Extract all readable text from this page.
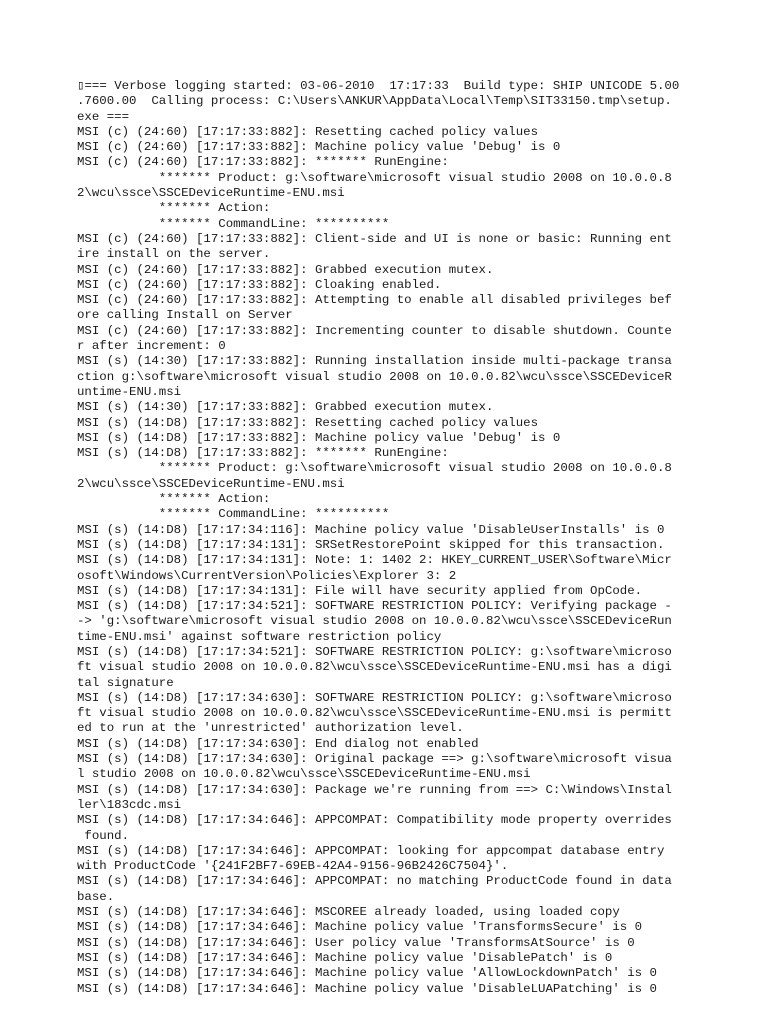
▯=== Verbose logging started: 03-06-2010  17:17:33  Build type: SHIP UNICODE 5.00
.7600.00  Calling process: C:\Users\ANKUR\AppData\Local\Temp\SIT33150.tmp\setup.
exe ===
MSI (c) (24:60) [17:17:33:882]: Resetting cached policy values
MSI (c) (24:60) [17:17:33:882]: Machine policy value 'Debug' is 0
MSI (c) (24:60) [17:17:33:882]: ******* RunEngine:
******* Product: g:\software\microsoft visual studio 2008 on 10.0.0.8
2\wcu\ssce\SSCEDeviceRuntime-ENU.msi
******* Action:
******* CommandLine: **********
MSI (c) (24:60) [17:17:33:882]: Client-side and UI is none or basic: Running ent
ire install on the server.
MSI (c) (24:60) [17:17:33:882]: Grabbed execution mutex.
MSI (c) (24:60) [17:17:33:882]: Cloaking enabled.
MSI (c) (24:60) [17:17:33:882]: Attempting to enable all disabled privileges bef
ore calling Install on Server
MSI (c) (24:60) [17:17:33:882]: Incrementing counter to disable shutdown. Counte
r after increment: 0
MSI (s) (14:30) [17:17:33:882]: Running installation inside multi-package transa
ction g:\software\microsoft visual studio 2008 on 10.0.0.82\wcu\ssce\SSCEDeviceR
untime-ENU.msi
MSI (s) (14:30) [17:17:33:882]: Grabbed execution mutex.
MSI (s) (14:D8) [17:17:33:882]: Resetting cached policy values
MSI (s) (14:D8) [17:17:33:882]: Machine policy value 'Debug' is 0
MSI (s) (14:D8) [17:17:33:882]: ******* RunEngine:
******* Product: g:\software\microsoft visual studio 2008 on 10.0.0.8
2\wcu\ssce\SSCEDeviceRuntime-ENU.msi
******* Action:
******* CommandLine: **********
MSI (s) (14:D8) [17:17:34:116]: Machine policy value 'DisableUserInstalls' is 0
MSI (s) (14:D8) [17:17:34:131]: SRSetRestorePoint skipped for this transaction.
MSI (s) (14:D8) [17:17:34:131]: Note: 1: 1402 2: HKEY_CURRENT_USER\Software\Micr
osoft\Windows\CurrentVersion\Policies\Explorer 3: 2
MSI (s) (14:D8) [17:17:34:131]: File will have security applied from OpCode.
MSI (s) (14:D8) [17:17:34:521]: SOFTWARE RESTRICTION POLICY: Verifying package -
-> 'g:\software\microsoft visual studio 2008 on 10.0.0.82\wcu\ssce\SSCEDeviceRun
time-ENU.msi' against software restriction policy
MSI (s) (14:D8) [17:17:34:521]: SOFTWARE RESTRICTION POLICY: g:\software\microso
ft visual studio 2008 on 10.0.0.82\wcu\ssce\SSCEDeviceRuntime-ENU.msi has a digi
tal signature
MSI (s) (14:D8) [17:17:34:630]: SOFTWARE RESTRICTION POLICY: g:\software\microso
ft visual studio 2008 on 10.0.0.82\wcu\ssce\SSCEDeviceRuntime-ENU.msi is permitt
ed to run at the 'unrestricted' authorization level.
MSI (s) (14:D8) [17:17:34:630]: End dialog not enabled
MSI (s) (14:D8) [17:17:34:630]: Original package ==> g:\software\microsoft visua
l studio 2008 on 10.0.0.82\wcu\ssce\SSCEDeviceRuntime-ENU.msi
MSI (s) (14:D8) [17:17:34:630]: Package we're running from ==> C:\Windows\Instal
ler\183cdc.msi
MSI (s) (14:D8) [17:17:34:646]: APPCOMPAT: Compatibility mode property overrides
found.
MSI (s) (14:D8) [17:17:34:646]: APPCOMPAT: looking for appcompat database entry
with ProductCode '{241F2BF7-69EB-42A4-9156-96B2426C7504}'.
MSI (s) (14:D8) [17:17:34:646]: APPCOMPAT: no matching ProductCode found in data
base.
MSI (s) (14:D8) [17:17:34:646]: MSCOREE already loaded, using loaded copy
MSI (s) (14:D8) [17:17:34:646]: Machine policy value 'TransformsSecure' is 0
MSI (s) (14:D8) [17:17:34:646]: User policy value 'TransformsAtSource' is 0
MSI (s) (14:D8) [17:17:34:646]: Machine policy value 'DisablePatch' is 0
MSI (s) (14:D8) [17:17:34:646]: Machine policy value 'AllowLockdownPatch' is 0
MSI (s) (14:D8) [17:17:34:646]: Machine policy value 'DisableLUAPatching' is 0
